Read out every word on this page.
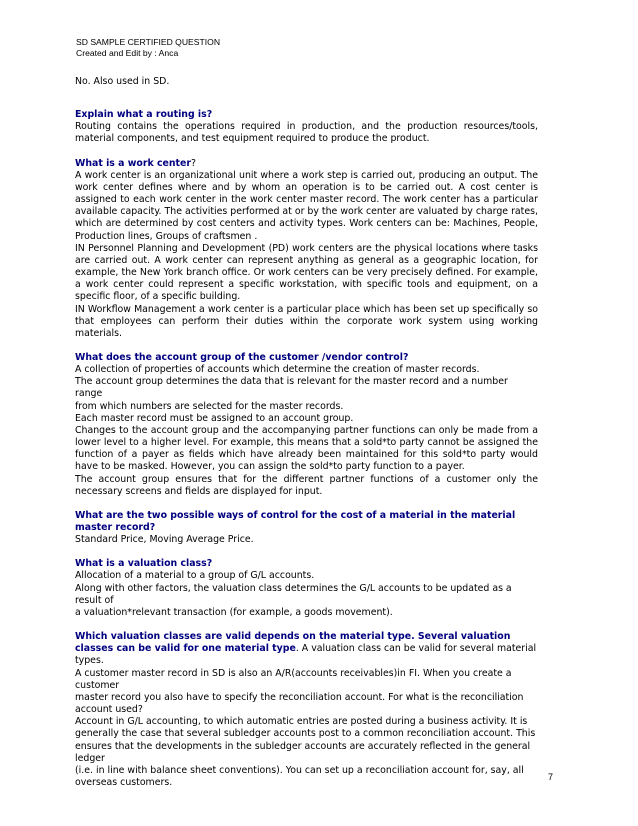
SD SAMPLE CERTIFIED QUESTION
Created and Edit by : Anca

No. Also used in SD.

Explain what a routing is?

Routing contains the operations required in production, and the production resources/tools, material components, and test equipment required to produce the product.

What is a work center?

A work center is an organizational unit where a work step is carried out, producing an output. The work center defines where and by whom an operation is to be carried out. A cost center is assigned to each work center in the work center master record. The work center has a particular available capacity. The activities performed at or by the work center are valuated by charge rates, which are determined by cost centers and activity types. Work centers can be: Machines, People, Production lines, Groups of craftsmen .

IN Personnel Planning and Development (PD) work centers are the physical locations where tasks are carried out. A work center can represent anything as general as a geographic location, for example, the New York branch office. Or work centers can be very precisely defined. For example, a work center could represent a specific workstation, with specific tools and equipment, on a specific floor, of a specific building.

IN Workflow Management a work center is a particular place which has been set up specifically so that employees can perform their duties within the corporate work system using working materials.

What does the account group of the customer /vendor control?

A collection of properties of accounts which determine the creation of master records.

The account group determines the data that is relevant for the master record and a number range
from which numbers are selected for the master records.

Each master record must be assigned to an account group.

Changes to the account group and the accompanying partner functions can only be made from a lower level to a higher level. For example, this means that a sold*to party cannot be assigned the function of a payer as fields which have already been maintained for this sold*to party would have to be masked. However, you can assign the sold*to party function to a payer.

The account group ensures that for the different partner functions of a customer only the necessary screens and fields are displayed for input.

What are the two possible ways of control for the cost of a material in the material master record?

Standard Price, Moving Average Price.

What is a valuation class?

Allocation of a material to a group of G/L accounts.

Along with other factors, the valuation class determines the G/L accounts to be updated as a result of
a valuation*relevant transaction (for example, a goods movement).

Which valuation classes are valid depends on the material type. Several valuation classes can be valid for one material type. A valuation class can be valid for several material types.

A customer master record in SD is also an A/R(accounts receivables)in FI. When you create a customer
master record you also have to specify the reconciliation account. For what is the reconciliation
account used?

Account in G/L accounting, to which automatic entries are posted during a business activity. It is
generally the case that several subledger accounts post to a common reconciliation account. This
ensures that the developments in the subledger accounts are accurately reflected in the general ledger
(i.e. in line with balance sheet conventions). You can set up a reconciliation account for, say, all
overseas customers.	7
